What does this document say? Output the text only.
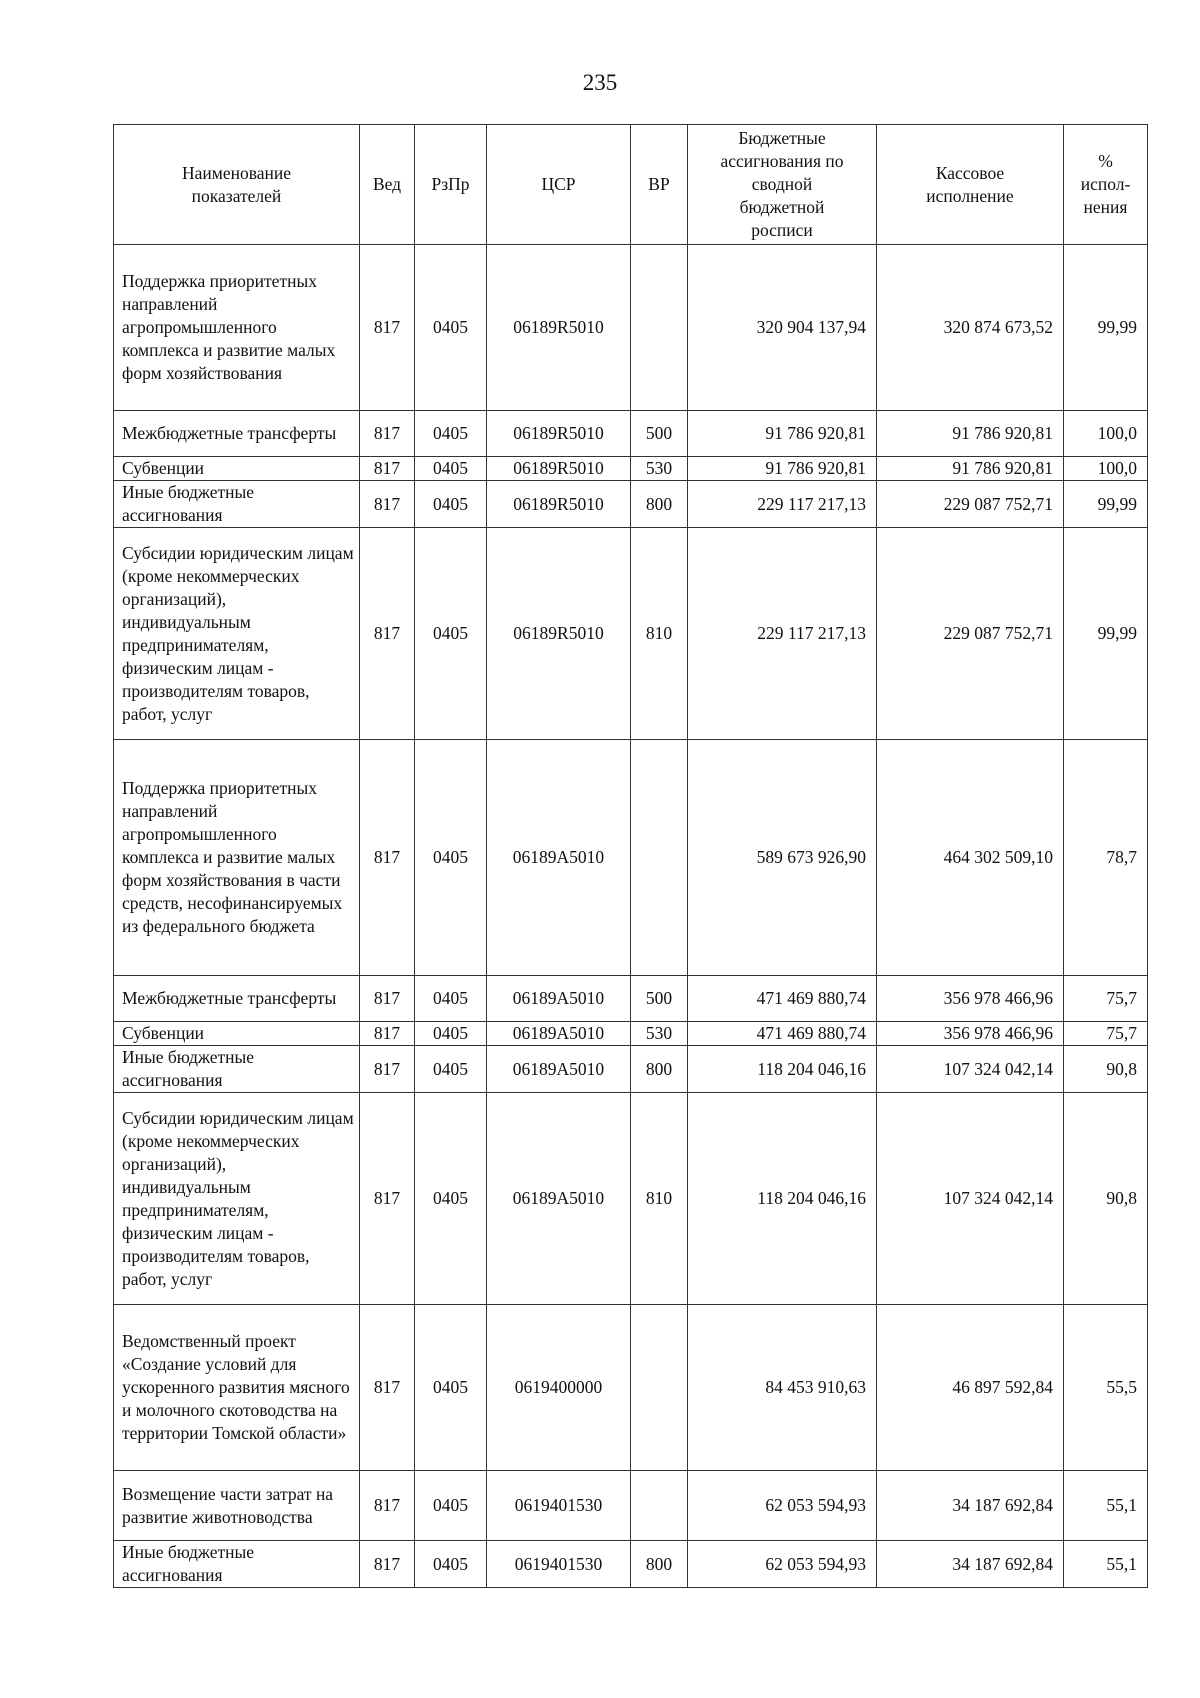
235
Наименование показателей	Вед	РзПр	ЦСР	ВР	Бюджетные ассигнования по сводной бюджетной росписи	Кассовое исполнение	% испол-нения
Поддержка приоритетных направлений агропромышленного комплекса и развитие малых форм хозяйствования	817	0405	06189R5010		320 904 137,94	320 874 673,52	99,99
Межбюджетные трансферты	817	0405	06189R5010	500	91 786 920,81	91 786 920,81	100,0
Субвенции	817	0405	06189R5010	530	91 786 920,81	91 786 920,81	100,0
Иные бюджетные ассигнования	817	0405	06189R5010	800	229 117 217,13	229 087 752,71	99,99
Субсидии юридическим лицам (кроме некоммерческих организаций), индивидуальным предпринимателям, физическим лицам - производителям товаров, работ, услуг	817	0405	06189R5010	810	229 117 217,13	229 087 752,71	99,99
Поддержка приоритетных направлений агропромышленного комплекса и развитие малых форм хозяйствования в части средств, несофинансируемых из федерального бюджета	817	0405	06189A5010		589 673 926,90	464 302 509,10	78,7
Межбюджетные трансферты	817	0405	06189A5010	500	471 469 880,74	356 978 466,96	75,7
Субвенции	817	0405	06189A5010	530	471 469 880,74	356 978 466,96	75,7
Иные бюджетные ассигнования	817	0405	06189A5010	800	118 204 046,16	107 324 042,14	90,8
Субсидии юридическим лицам (кроме некоммерческих организаций), индивидуальным предпринимателям, физическим лицам - производителям товаров, работ, услуг	817	0405	06189A5010	810	118 204 046,16	107 324 042,14	90,8
Ведомственный проект «Создание условий для ускоренного развития мясного и молочного скотоводства на территории Томской области»	817	0405	0619400000		84 453 910,63	46 897 592,84	55,5
Возмещение части затрат на развитие животноводства	817	0405	0619401530		62 053 594,93	34 187 692,84	55,1
Иные бюджетные ассигнования	817	0405	0619401530	800	62 053 594,93	34 187 692,84	55,1
